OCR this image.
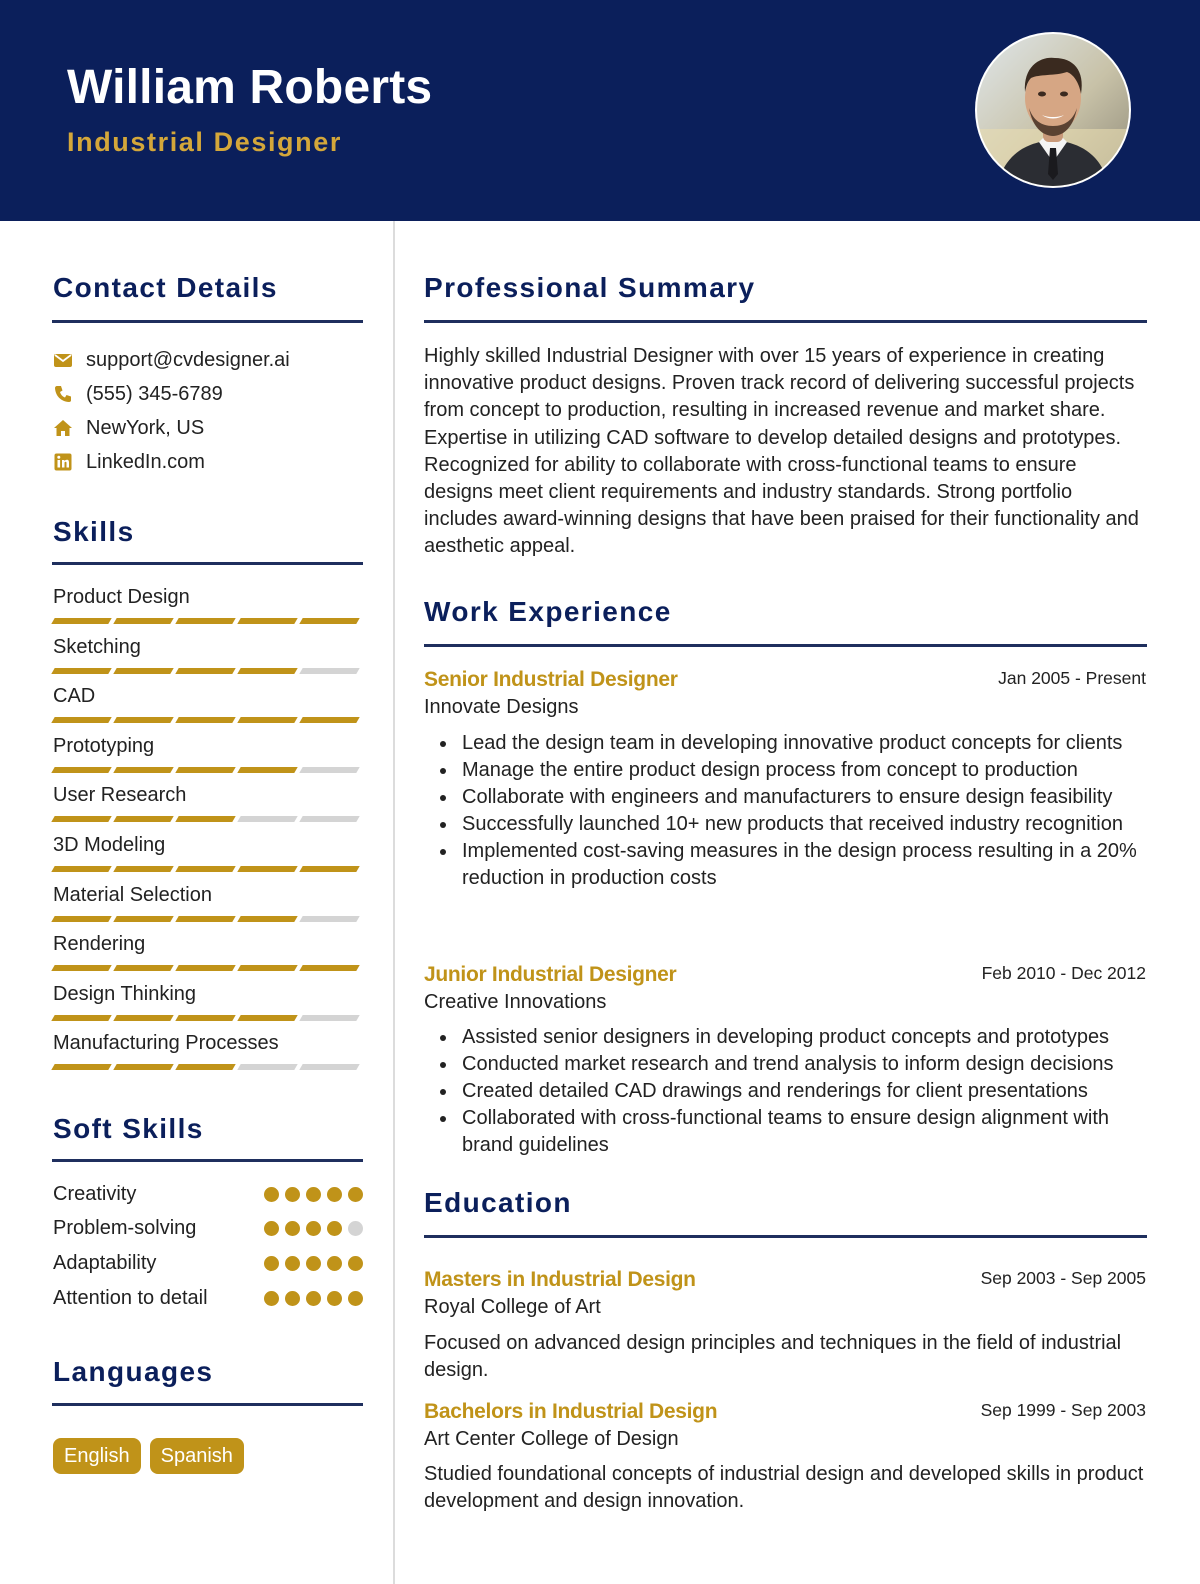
William Roberts
Industrial Designer
Contact Details
support@cvdesigner.ai
(555) 345-6789
NewYork, US
LinkedIn.com
Skills
Product Design
Sketching
CAD
Prototyping
User Research
3D Modeling
Material Selection
Rendering
Design Thinking
Manufacturing Processes
Soft Skills
Creativity
Problem-solving
Adaptability
Attention to detail
Languages
English	Spanish
Professional Summary
Highly skilled Industrial Designer with over 15 years of experience in creating innovative product designs. Proven track record of delivering successful projects from concept to production, resulting in increased revenue and market share. Expertise in utilizing CAD software to develop detailed designs and prototypes. Recognized for ability to collaborate with cross-functional teams to ensure designs meet client requirements and industry standards. Strong portfolio includes award-winning designs that have been praised for their functionality and aesthetic appeal.
Work Experience
Senior Industrial Designer	Jan 2005 - Present
Innovate Designs
Lead the design team in developing innovative product concepts for clients
Manage the entire product design process from concept to production
Collaborate with engineers and manufacturers to ensure design feasibility
Successfully launched 10+ new products that received industry recognition
Implemented cost-saving measures in the design process resulting in a 20% reduction in production costs
Junior Industrial Designer	Feb 2010 - Dec 2012
Creative Innovations
Assisted senior designers in developing product concepts and prototypes
Conducted market research and trend analysis to inform design decisions
Created detailed CAD drawings and renderings for client presentations
Collaborated with cross-functional teams to ensure design alignment with brand guidelines
Education
Masters in Industrial Design	Sep 2003 - Sep 2005
Royal College of Art
Focused on advanced design principles and techniques in the field of industrial design.
Bachelors in Industrial Design	Sep 1999 - Sep 2003
Art Center College of Design
Studied foundational concepts of industrial design and developed skills in product development and design innovation.
